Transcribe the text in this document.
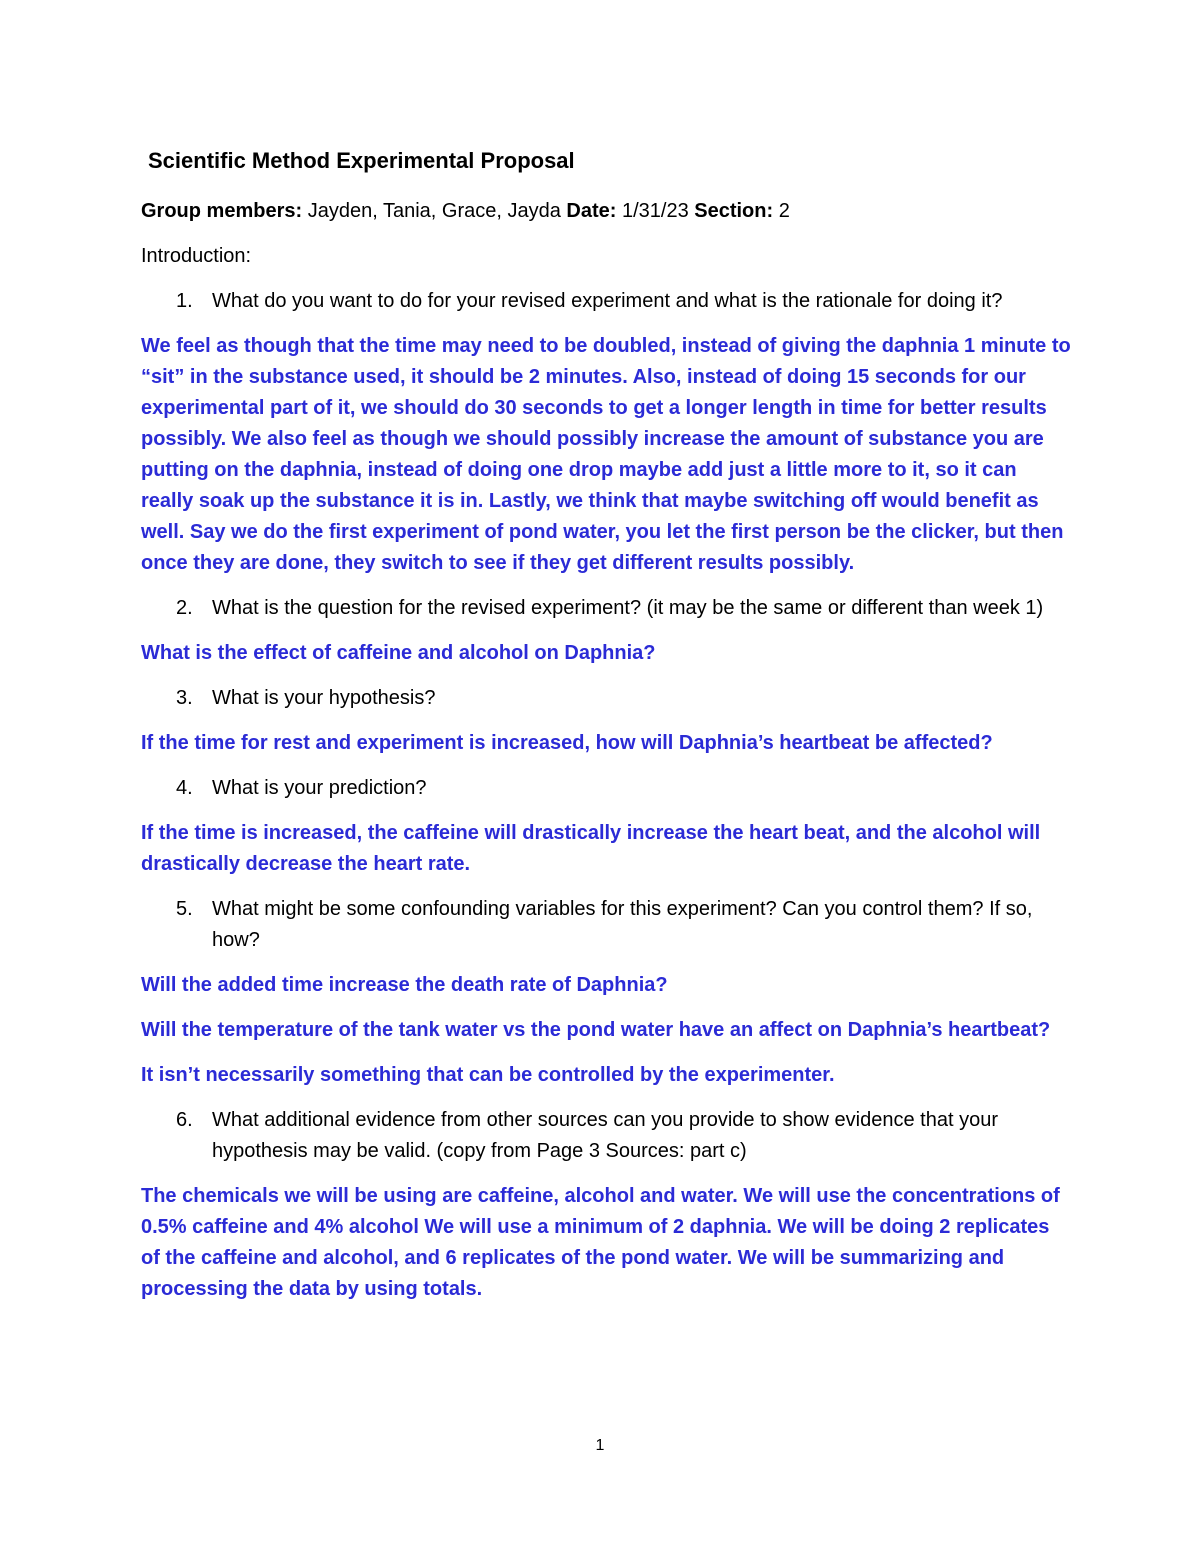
Scientific Method Experimental Proposal
Group members: Jayden, Tania, Grace, Jayda Date: 1/31/23 Section: 2
Introduction:
1. What do you want to do for your revised experiment and what is the rationale for doing it?
We feel as though that the time may need to be doubled, instead of giving the daphnia 1 minute to “sit” in the substance used, it should be 2 minutes. Also, instead of doing 15 seconds for our experimental part of it, we should do 30 seconds to get a longer length in time for better results possibly. We also feel as though we should possibly increase the amount of substance you are putting on the daphnia, instead of doing one drop maybe add just a little more to it, so it can really soak up the substance it is in. Lastly, we think that maybe switching off would benefit as well. Say we do the first experiment of pond water, you let the first person be the clicker, but then once they are done, they switch to see if they get different results possibly.
2. What is the question for the revised experiment? (it may be the same or different than week 1)
What is the effect of caffeine and alcohol on Daphnia?
3. What is your hypothesis?
If the time for rest and experiment is increased, how will Daphnia’s heartbeat be affected?
4. What is your prediction?
If the time is increased, the caffeine will drastically increase the heart beat, and the alcohol will drastically decrease the heart rate.
5. What might be some confounding variables for this experiment? Can you control them? If so, how?
Will the added time increase the death rate of Daphnia?
Will the temperature of the tank water vs the pond water have an affect on Daphnia’s heartbeat?
It isn’t necessarily something that can be controlled by the experimenter.
6. What additional evidence from other sources can you provide to show evidence that your hypothesis may be valid. (copy from Page 3 Sources: part c)
The chemicals we will be using are caffeine, alcohol and water. We will use the concentrations of 0.5% caffeine and 4% alcohol We will use a minimum of 2 daphnia. We will be doing 2 replicates of the caffeine and alcohol, and 6 replicates of the pond water. We will be summarizing and processing the data by using totals.
1
